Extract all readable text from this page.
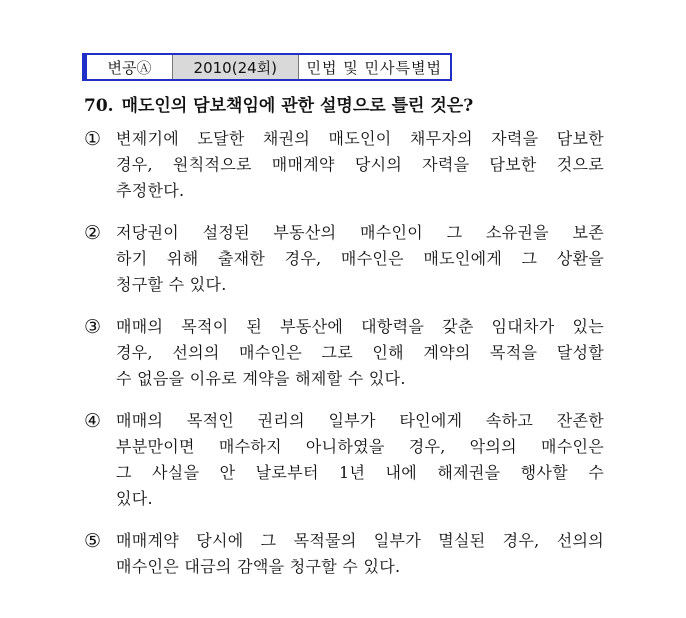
변공Ⓐ	2010(24회)	민법 및 민사특별법
70. 매도인의 담보책임에 관한 설명으로 틀린 것은?
① 변제기에 도달한 채권의 매도인이 채무자의 자력을 담보한
경우, 원칙적으로 매매계약 당시의 자력을 담보한 것으로
추정한다.
② 저당권이 설정된 부동산의 매수인이 그 소유권을 보존
하기 위해 출재한 경우, 매수인은 매도인에게 그 상환을
청구할 수 있다.
③ 매매의 목적이 된 부동산에 대항력을 갖춘 임대차가 있는
경우, 선의의 매수인은 그로 인해 계약의 목적을 달성할
수 없음을 이유로 계약을 해제할 수 있다.
④ 매매의 목적인 권리의 일부가 타인에게 속하고 잔존한
부분만이면 매수하지 아니하였을 경우, 악의의 매수인은
그 사실을 안 날로부터 1년 내에 해제권을 행사할 수
있다.
⑤ 매매계약 당시에 그 목적물의 일부가 멸실된 경우, 선의의
매수인은 대금의 감액을 청구할 수 있다.
